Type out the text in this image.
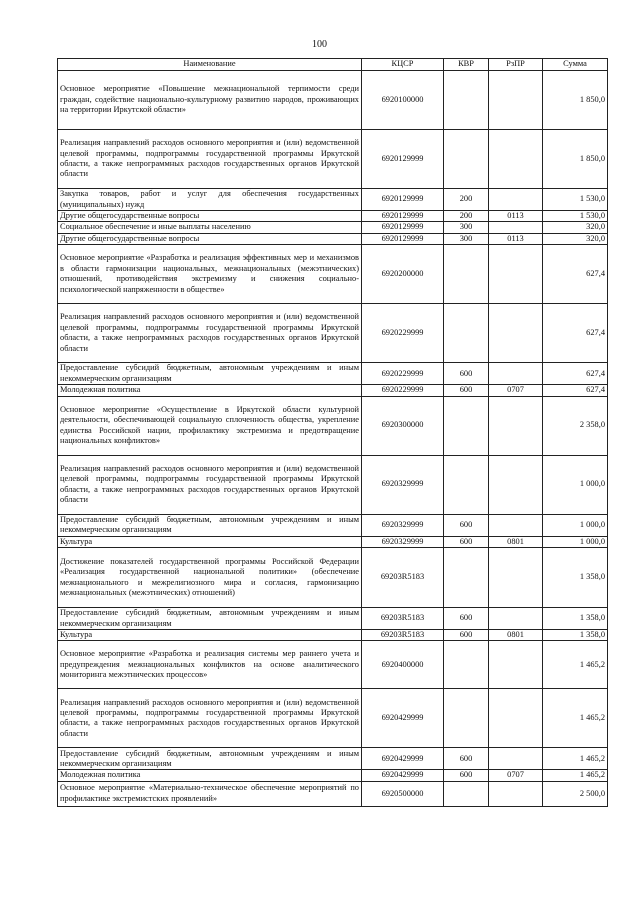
100
Наименование	КЦСР	КВР	РзПР	Сумма
Основное мероприятие «Повышение межнациональной терпимости среди граждан, содействие национально-культурному развитию народов, проживающих на территории Иркутской области»	6920100000			1 850,0
Реализация направлений расходов основного мероприятия и (или) ведомственной целевой программы, подпрограммы государственной программы Иркутской области, а также непрограммных расходов государственных органов Иркутской области	6920129999			1 850,0
Закупка товаров, работ и услуг для обеспечения государственных (муниципальных) нужд	6920129999	200		1 530,0
Другие общегосударственные вопросы	6920129999	200	0113	1 530,0
Социальное обеспечение и иные выплаты населению	6920129999	300		320,0
Другие общегосударственные вопросы	6920129999	300	0113	320,0
Основное мероприятие «Разработка и реализация эффективных мер и механизмов в области гармонизации национальных, межнациональных (межэтнических) отношений, противодействия экстремизму и снижения социально-психологической напряженности в обществе»	6920200000			627,4
Реализация направлений расходов основного мероприятия и (или) ведомственной целевой программы, подпрограммы государственной программы Иркутской области, а также непрограммных расходов государственных органов Иркутской области	6920229999			627,4
Предоставление субсидий бюджетным, автономным учреждениям и иным некоммерческим организациям	6920229999	600		627,4
Молодежная политика	6920229999	600	0707	627,4
Основное мероприятие «Осуществление в Иркутской области культурной деятельности, обеспечивающей социальную сплоченность общества, укрепление единства Российской нации, профилактику экстремизма и предотвращение национальных конфликтов»	6920300000			2 358,0
Реализация направлений расходов основного мероприятия и (или) ведомственной целевой программы, подпрограммы государственной программы Иркутской области, а также непрограммных расходов государственных органов Иркутской области	6920329999			1 000,0
Предоставление субсидий бюджетным, автономным учреждениям и иным некоммерческим организациям	6920329999	600		1 000,0
Культура	6920329999	600	0801	1 000,0
Достижение показателей государственной программы Российской Федерации «Реализация государственной национальной политики» (обеспечение межнационального и межрелигиозного мира и согласия, гармонизацию межнациональных (межэтнических) отношений)	69203R5183			1 358,0
Предоставление субсидий бюджетным, автономным учреждениям и иным некоммерческим организациям	69203R5183	600		1 358,0
Культура	69203R5183	600	0801	1 358,0
Основное мероприятие «Разработка и реализация системы мер раннего учета и предупреждения межнациональных конфликтов на основе аналитического мониторинга межэтнических процессов»	6920400000			1 465,2
Реализация направлений расходов основного мероприятия и (или) ведомственной целевой программы, подпрограммы государственной программы Иркутской области, а также непрограммных расходов государственных органов Иркутской области	6920429999			1 465,2
Предоставление субсидий бюджетным, автономным учреждениям и иным некоммерческим организациям	6920429999	600		1 465,2
Молодежная политика	6920429999	600	0707	1 465,2
Основное мероприятие «Материально-техническое обеспечение мероприятий по профилактике экстремистских проявлений»	6920500000			2 500,0
